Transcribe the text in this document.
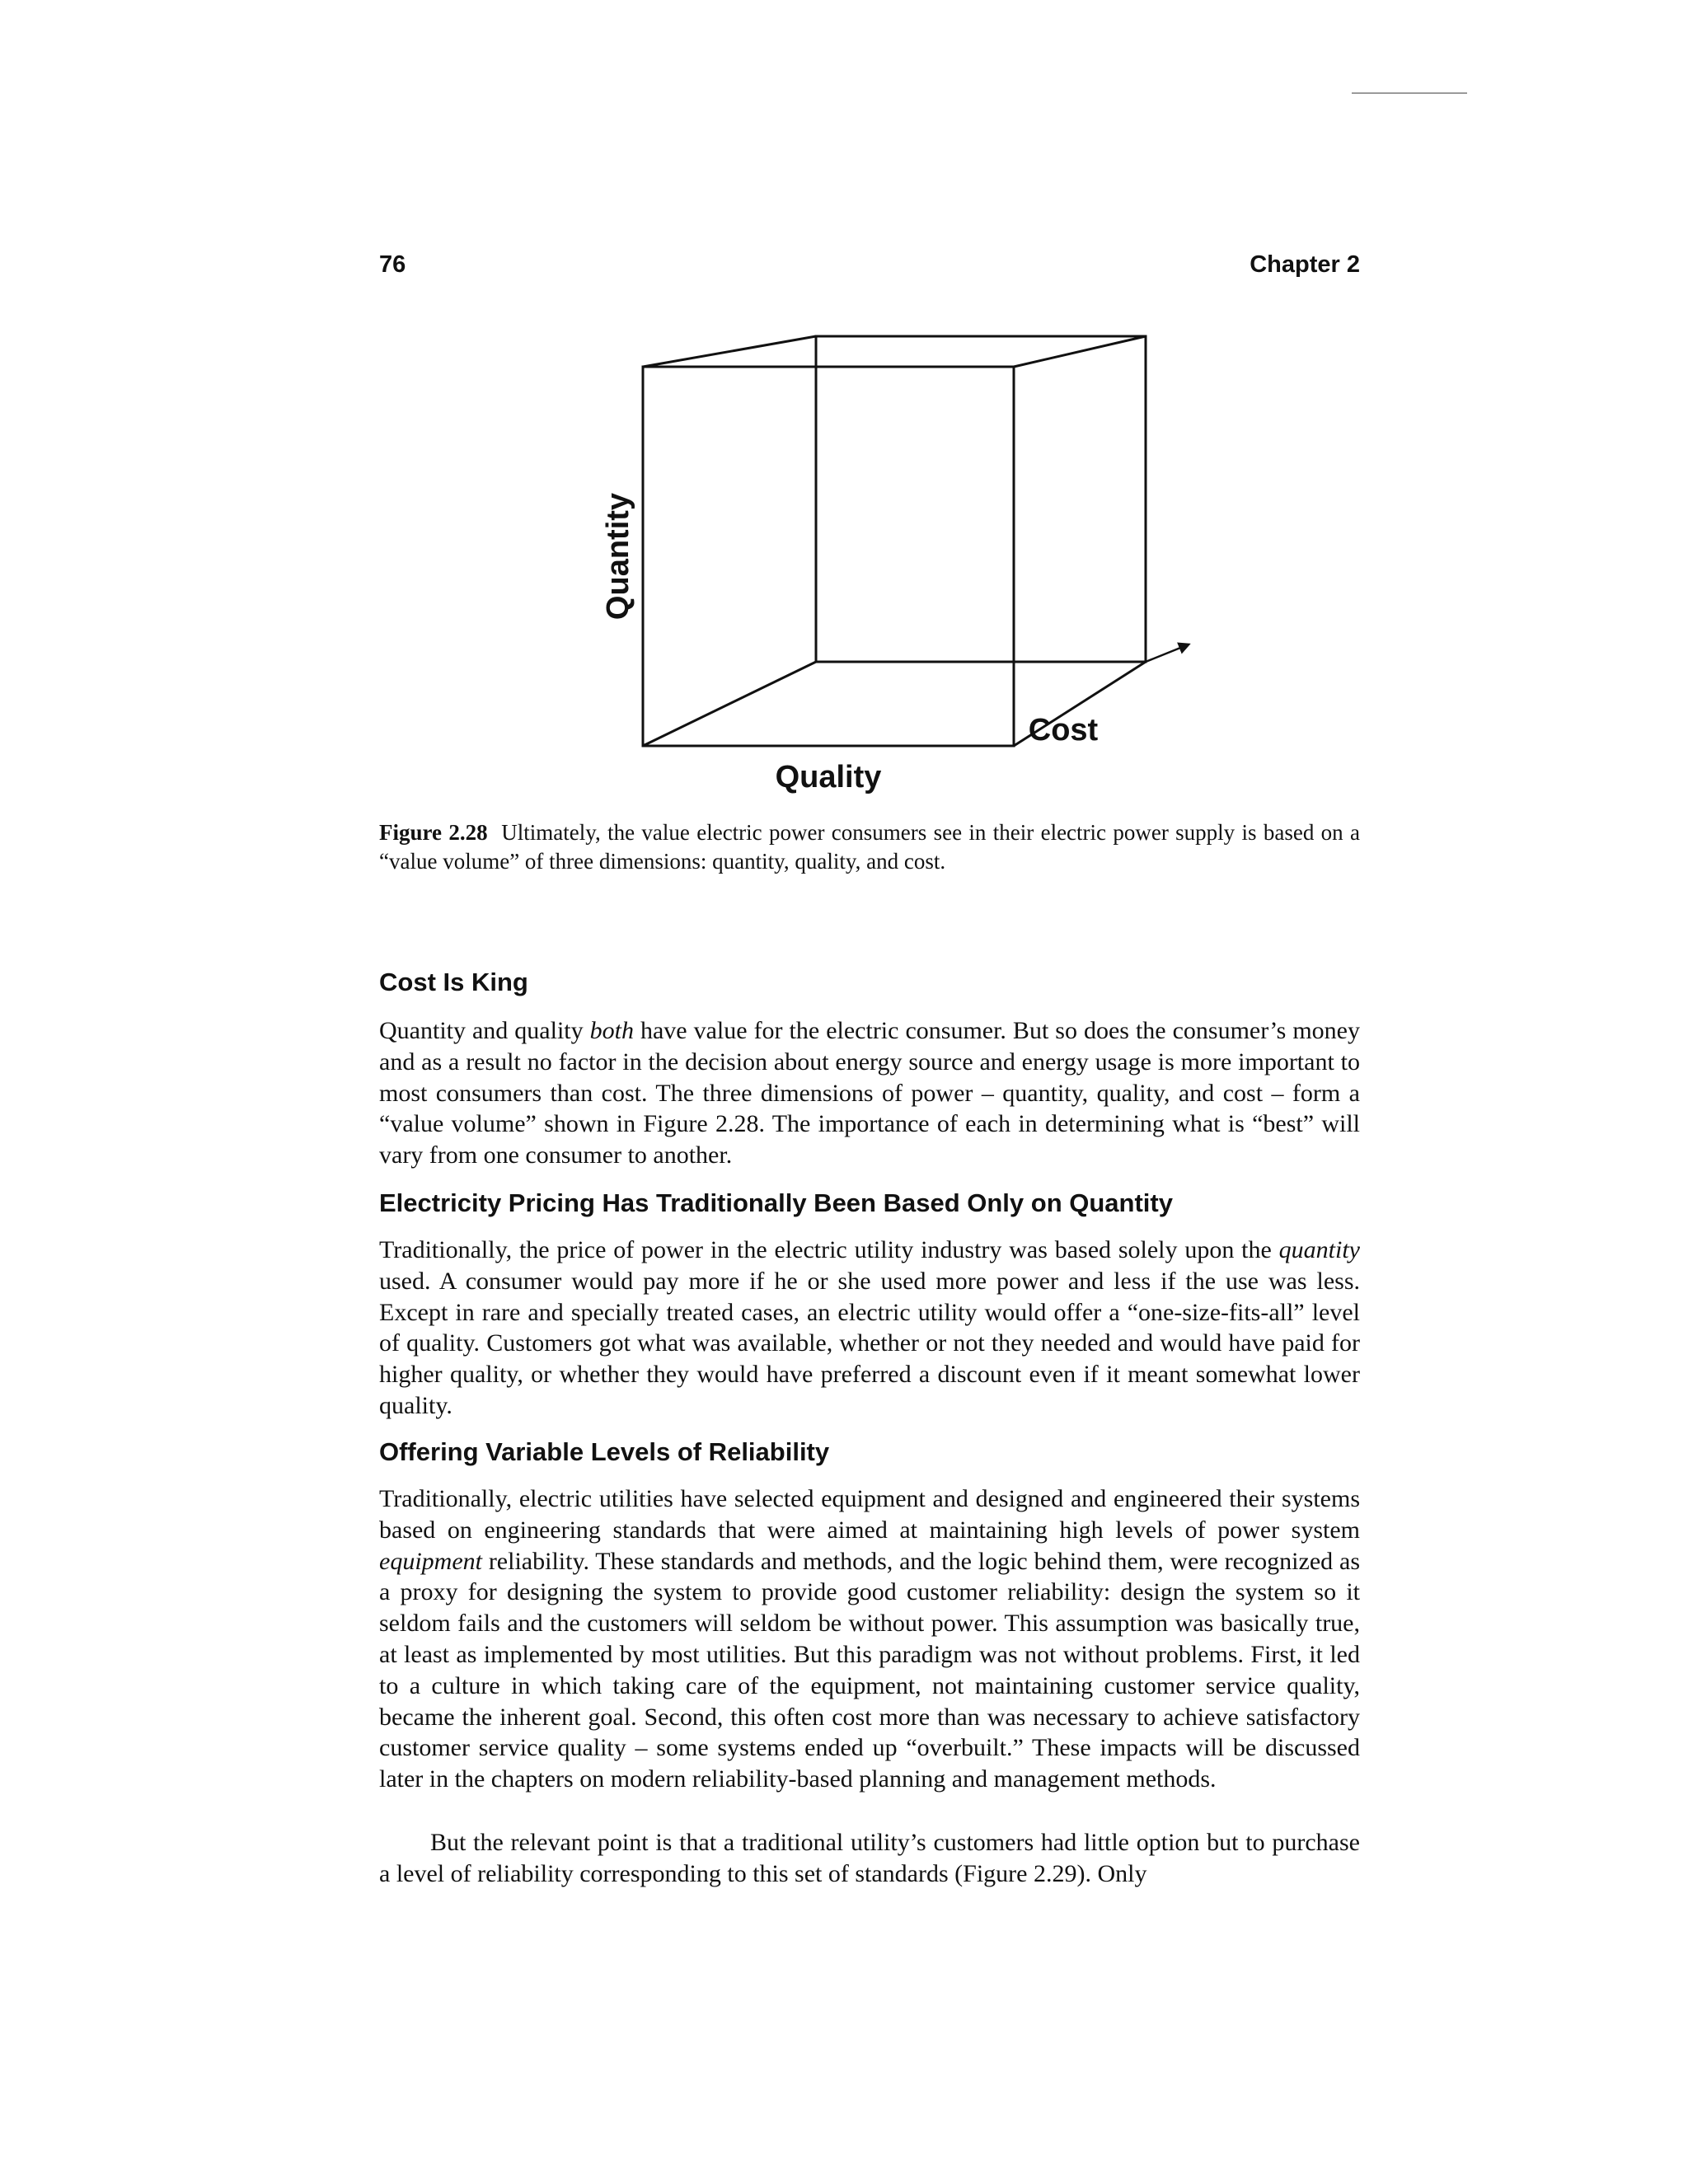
76	Chapter 2
Quantity
Quality
Cost
Figure 2.28 Ultimately, the value electric power consumers see in their electric power supply is based on a “value volume” of three dimensions: quantity, quality, and cost.
Cost Is King

Quantity and quality both have value for the electric consumer. But so does the consumer’s money and as a result no factor in the decision about energy source and energy usage is more important to most consumers than cost. The three dimensions of power – quantity, quality, and cost – form a “value volume” shown in Figure 2.28. The importance of each in determining what is “best” will vary from one consumer to another.

Electricity Pricing Has Traditionally Been Based Only on Quantity

Traditionally, the price of power in the electric utility industry was based solely upon the quantity used. A consumer would pay more if he or she used more power and less if the use was less. Except in rare and specially treated cases, an electric utility would offer a “one-size-fits-all” level of quality. Customers got what was available, whether or not they needed and would have paid for higher quality, or whether they would have preferred a discount even if it meant somewhat lower quality.

Offering Variable Levels of Reliability

Traditionally, electric utilities have selected equipment and designed and engineered their systems based on engineering standards that were aimed at maintaining high levels of power system equipment reliability. These standards and methods, and the logic behind them, were recognized as a proxy for designing the system to provide good customer reliability: design the system so it seldom fails and the customers will seldom be without power. This assumption was basically true, at least as implemented by most utilities. But this paradigm was not without problems. First, it led to a culture in which taking care of the equipment, not maintaining customer service quality, became the inherent goal. Second, this often cost more than was necessary to achieve satisfactory customer service quality – some systems ended up “overbuilt.” These impacts will be discussed later in the chapters on modern reliability-based planning and management methods.

But the relevant point is that a traditional utility’s customers had little option but to purchase a level of reliability corresponding to this set of standards (Figure 2.29). Only
